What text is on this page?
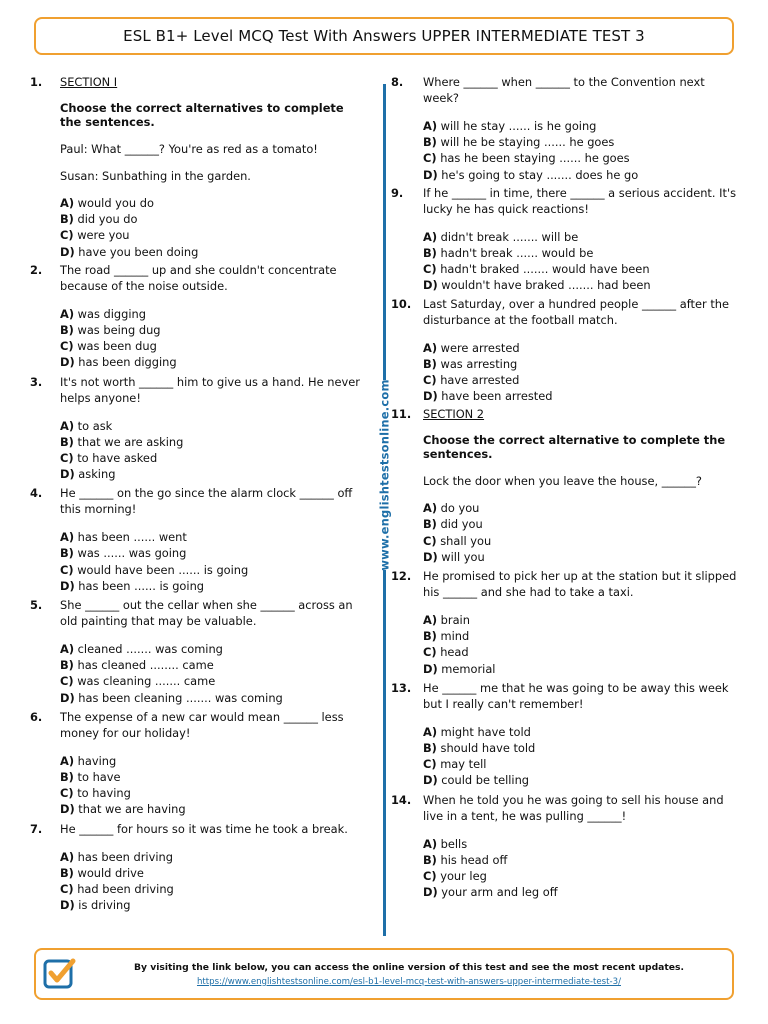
ESL B1+ Level MCQ Test With Answers UPPER INTERMEDIATE TEST 3
www.englishtestsonline.com
1.	SECTION I
Choose the correct alternatives to complete the sentences.
Paul: What ______? You're as red as a tomato!
Susan: Sunbathing in the garden.
A) would you do
B) did you do
C) were you
D) have you been doing
2.	The road ______ up and she couldn't concentrate because of the noise outside.
A) was digging
B) was being dug
C) was been dug
D) has been digging
3.	It's not worth ______ him to give us a hand. He never helps anyone!
A) to ask
B) that we are asking
C) to have asked
D) asking
4.	He ______ on the go since the alarm clock ______ off this morning!
A) has been ...... went
B) was ...... was going
C) would have been ...... is going
D) has been ...... is going
5.	She ______ out the cellar when she ______ across an old painting that may be valuable.
A) cleaned ....... was coming
B) has cleaned ........ came
C) was cleaning ....... came
D) has been cleaning ....... was coming
6.	The expense of a new car would mean ______ less money for our holiday!
A) having
B) to have
C) to having
D) that we are having
7.	He ______ for hours so it was time he took a break.
A) has been driving
B) would drive
C) had been driving
D) is driving
8.	Where ______ when ______ to the Convention next week?
A) will he stay ...... is he going
B) will he be staying ...... he goes
C) has he been staying ...... he goes
D) he's going to stay ....... does he go
9.	If he ______ in time, there ______ a serious accident. It's lucky he has quick reactions!
A) didn't break ....... will be
B) hadn't break ...... would be
C) hadn't braked ....... would have been
D) wouldn't have braked ....... had been
10.	Last Saturday, over a hundred people ______ after the disturbance at the football match.
A) were arrested
B) was arresting
C) have arrested
D) have been arrested
11.	SECTION 2
Choose the correct alternative to complete the sentences.
Lock the door when you leave the house, ______?
A) do you
B) did you
C) shall you
D) will you
12.	He promised to pick her up at the station but it slipped his ______ and she had to take a taxi.
A) brain
B) mind
C) head
D) memorial
13.	He ______ me that he was going to be away this week but I really can't remember!
A) might have told
B) should have told
C) may tell
D) could be telling
14.	When he told you he was going to sell his house and live in a tent, he was pulling ______!
A) bells
B) his head off
C) your leg
D) your arm and leg off
By visiting the link below, you can access the online version of this test and see the most recent updates.
https://www.englishtestsonline.com/esl-b1-level-mcq-test-with-answers-upper-intermediate-test-3/
